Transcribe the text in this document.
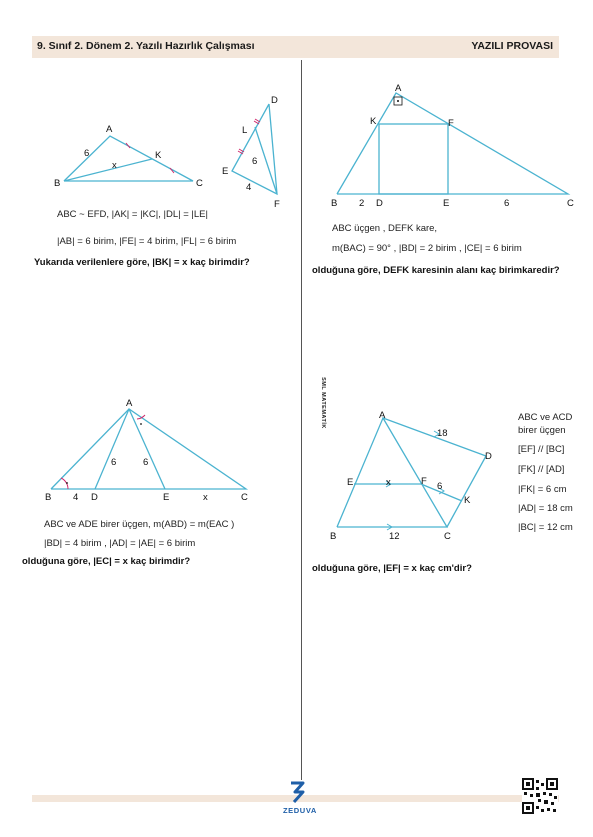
9. Sınıf 2. Dönem 2. Yazılı Hazırlık Çalışması	YAZILI PROVASI
SML MATEMATİK
A
B	C
K
6
x
D
L
E
F
6
4
ABC ~ EFD, |AK| = |KC|, |DL| = |LE|
|AB| = 6 birim, |FE| = 4 birim, |FL| = 6 birim
Yukarıda verilenlere göre, |BK| = x kaç birimdir?
A
K	F
B 2 D	E	6	C
ABC üçgen , DEFK kare,
m(BAC) = 90° , |BD| = 2 birim , |CE| = 6 birim
olduğuna göre, DEFK karesinin alanı kaç birimkaredir?
A
B 4 D	E	x	C
6	6
ABC ve ADE birer üçgen, m(ABD) = m(EAC )
|BD| = 4 birim , |AD| = |AE| = 6 birim
olduğuna göre, |EC| = x kaç birimdir?
A
18
D
E	x	F 6
K
B	12	C
ABC ve ACD
birer üçgen
[EF] // [BC]
[FK] // [AD]
|FK| = 6 cm
|AD| = 18 cm
|BC| = 12 cm
olduğuna göre, |EF| = x kaç cm'dir?
ZEDUVA
